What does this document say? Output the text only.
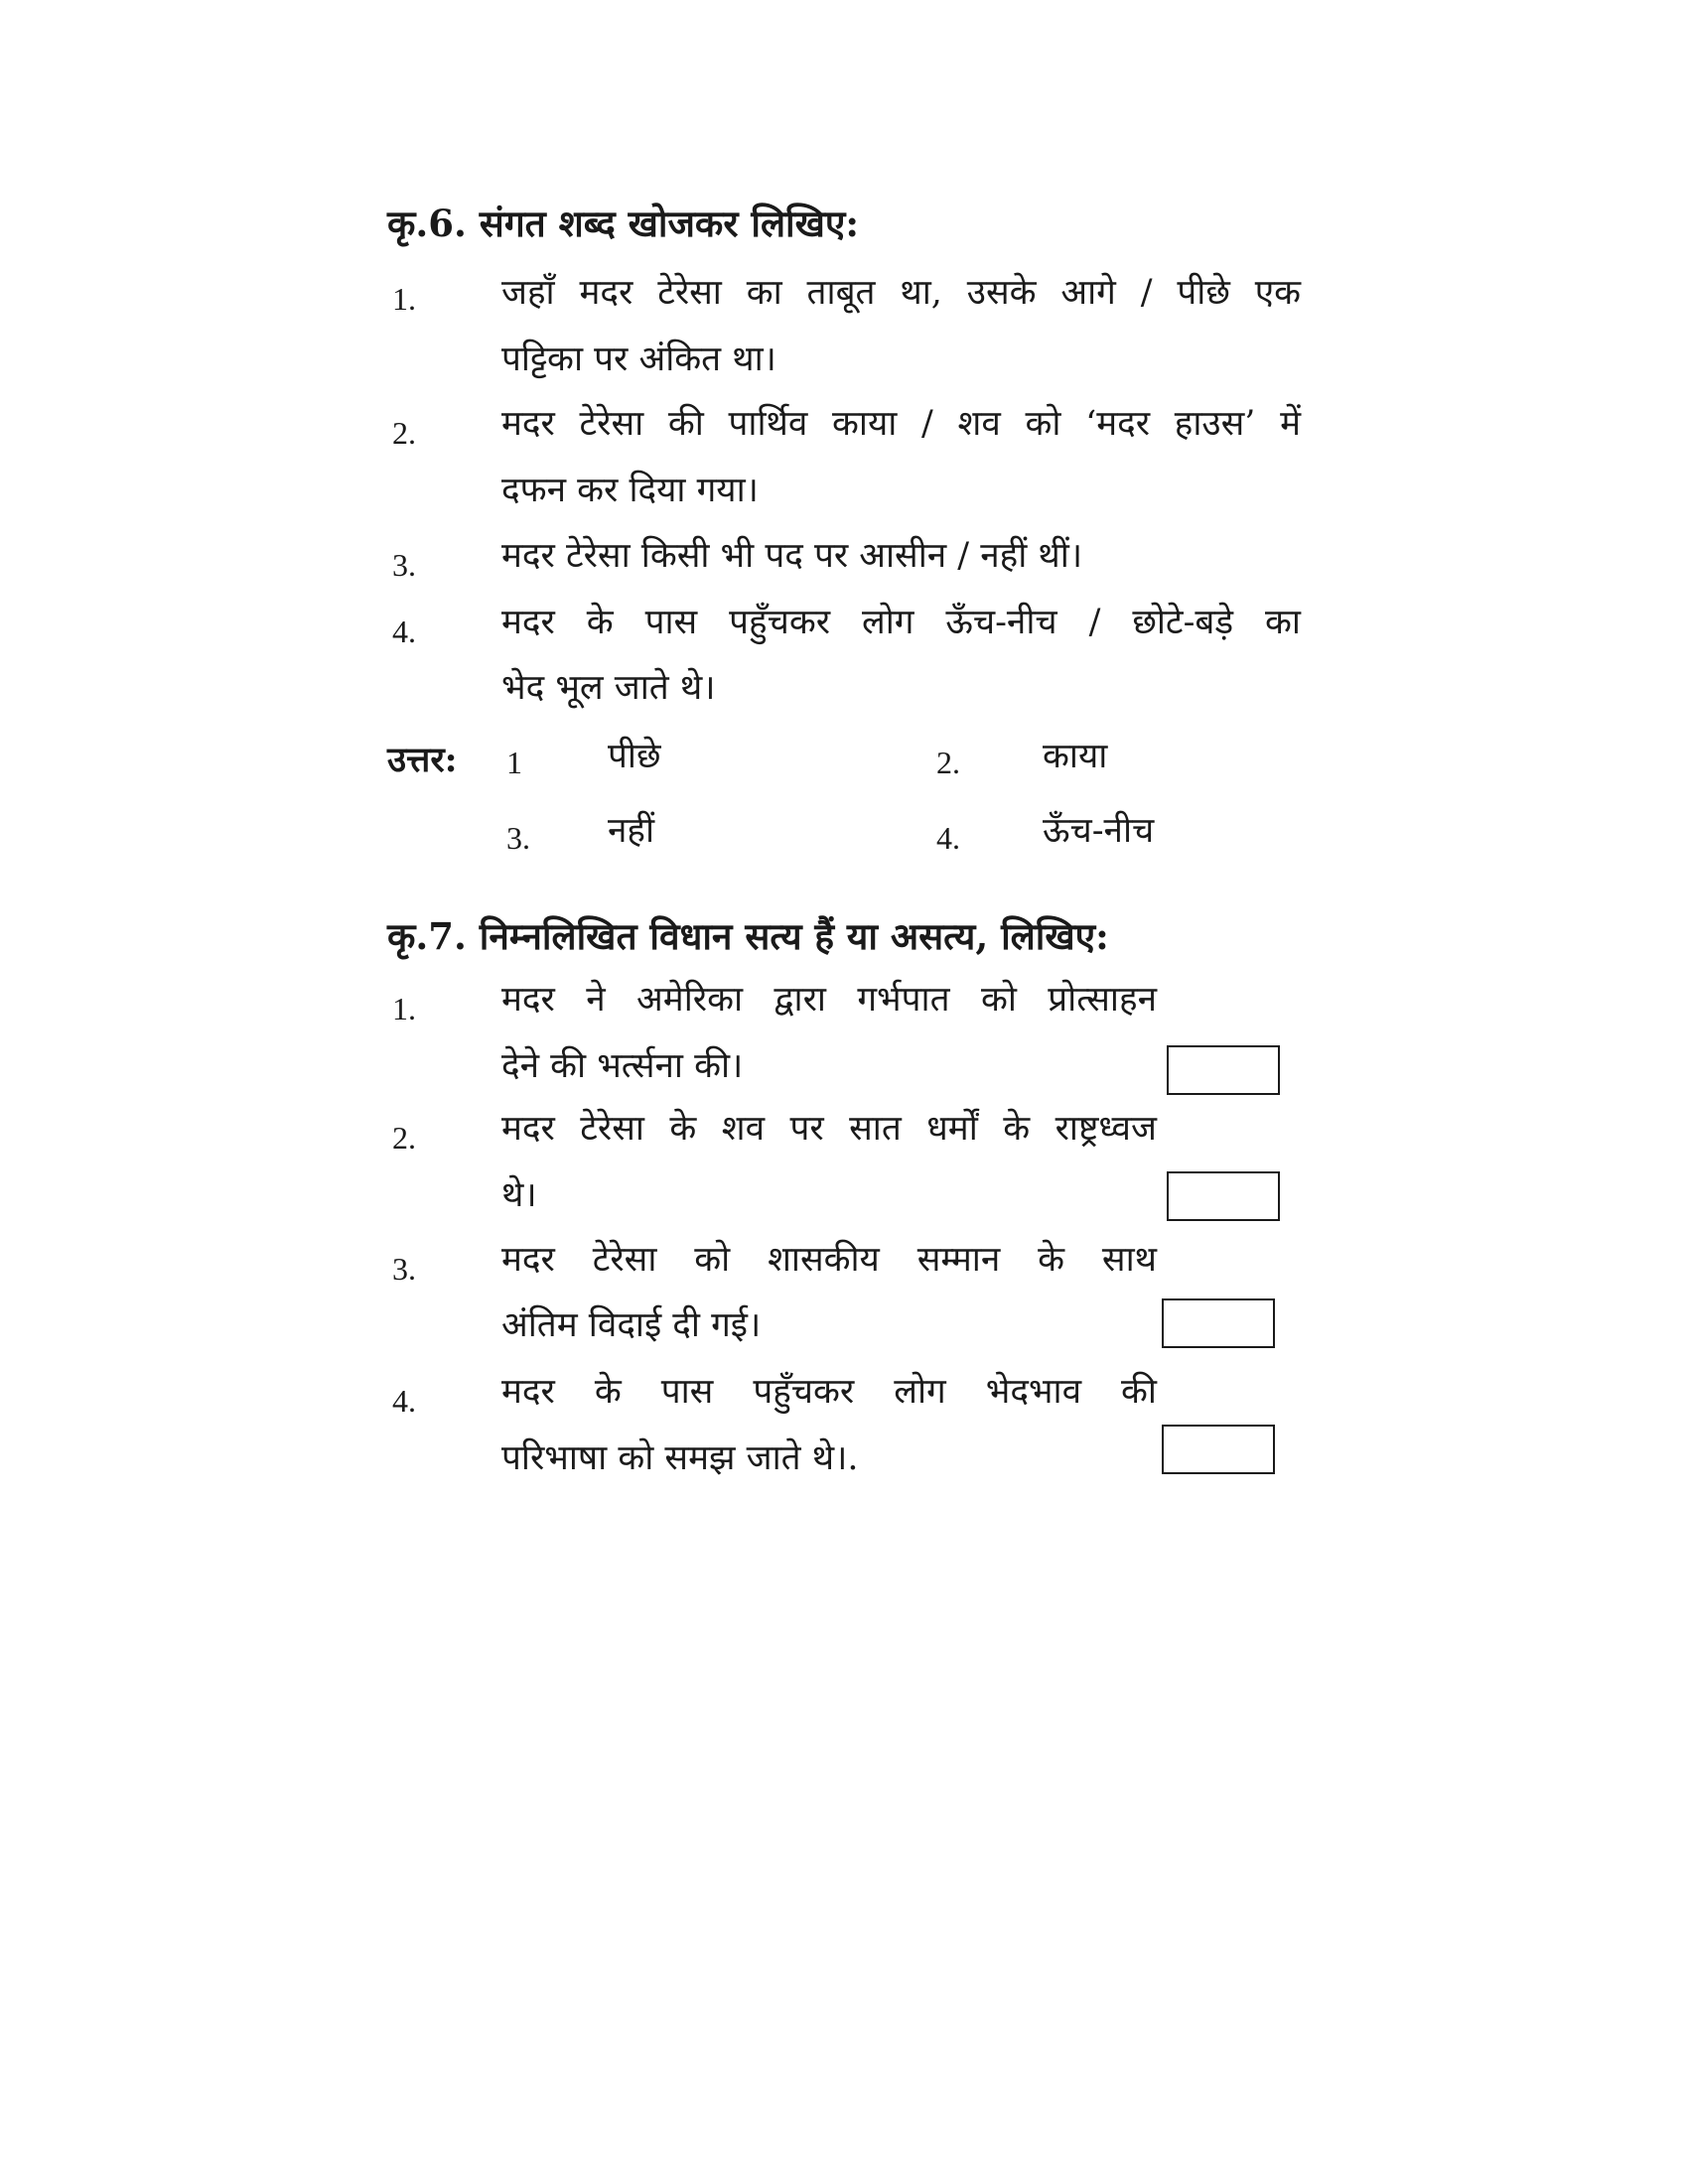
कृ.6. संगत शब्द खोजकर लिखिए:
1. जहाँ मदर टेरेसा का ताबूत था, उसके आगे / पीछे एक
पट्टिका पर अंकित था।
2. मदर टेरेसा की पार्थिव काया / शव को ‘मदर हाउस’ में
दफन कर दिया गया।
3. मदर टेरेसा किसी भी पद पर आसीन / नहीं थीं।
4. मदर के पास पहुँचकर लोग ऊँच-नीच / छोटे-बड़े का
भेद भूल जाते थे।
उत्तर: 1 पीछे	2. काया
3. नहीं	4. ऊँच-नीच
कृ.7. निम्नलिखित विधान सत्य हैं या असत्य, लिखिए:
1. मदर ने अमेरिका द्वारा गर्भपात को प्रोत्साहन
देने की भर्त्सना की।
2. मदर टेरेसा के शव पर सात धर्मों के राष्ट्रध्वज
थे।
3. मदर टेरेसा को शासकीय सम्मान के साथ
अंतिम विदाई दी गई।
4. मदर के पास पहुँचकर लोग भेदभाव की
परिभाषा को समझ जाते थे।.
